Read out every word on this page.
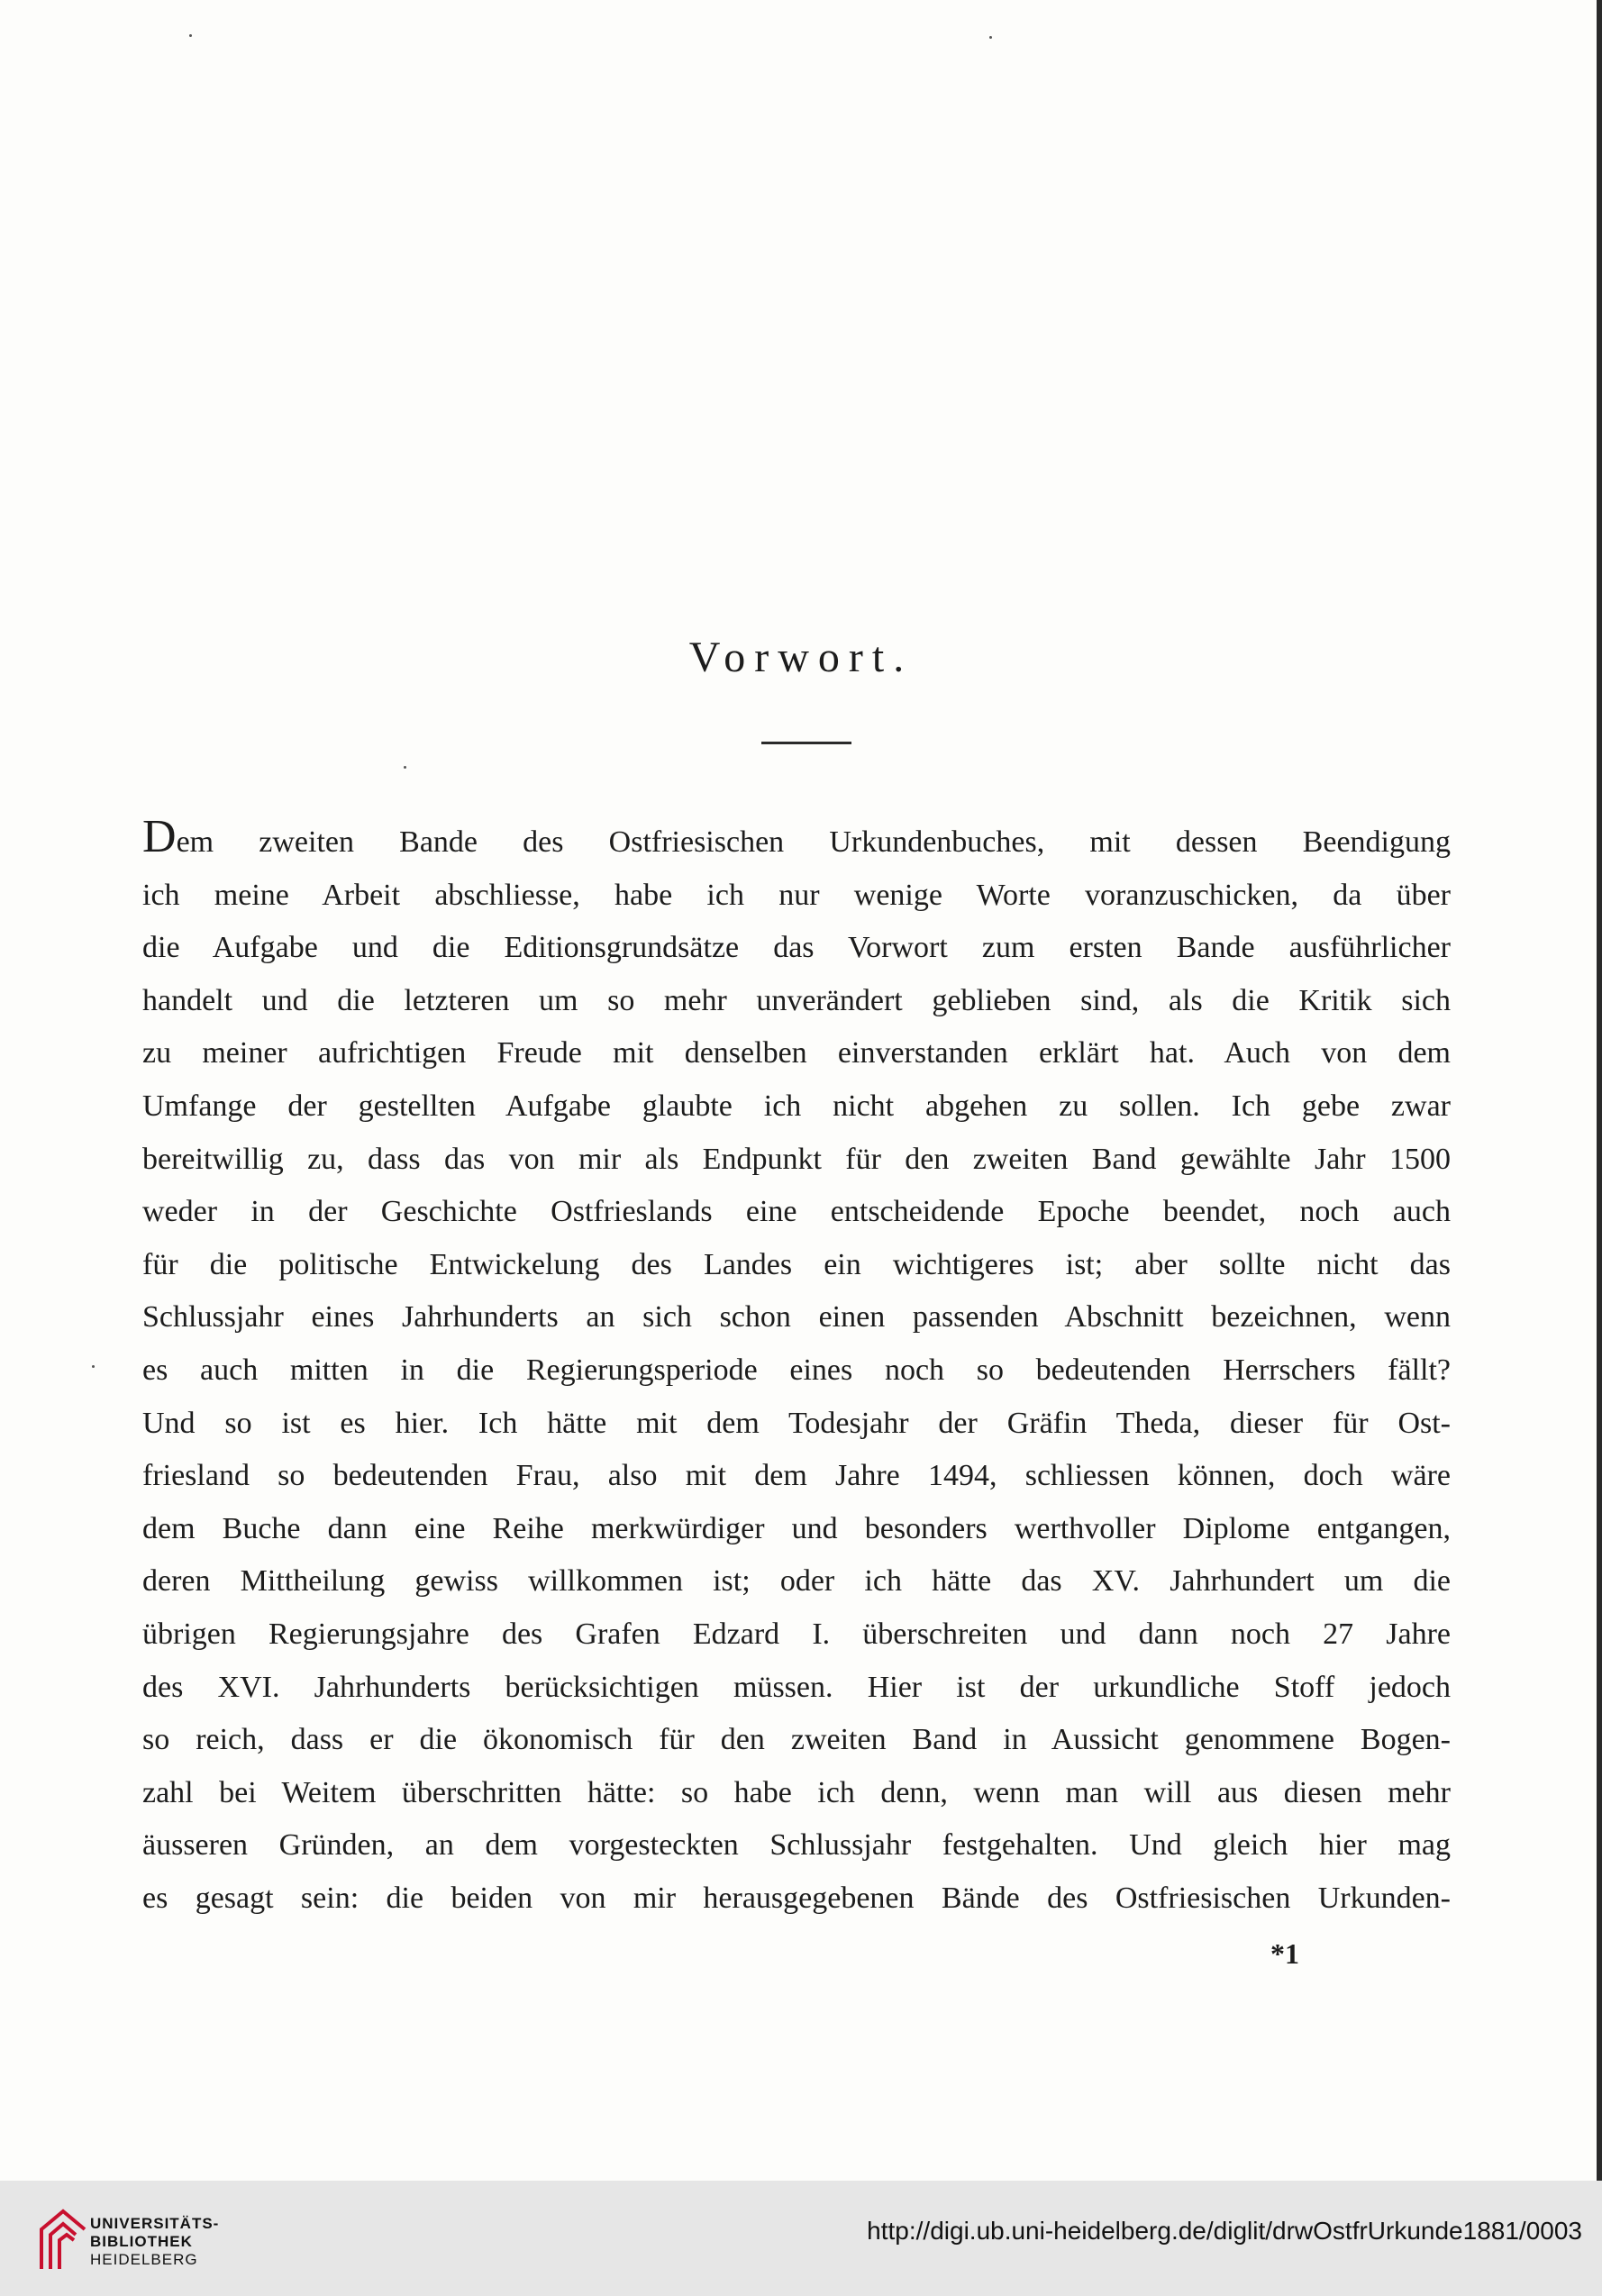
Vorwort.
Dem zweiten Bande des Ostfriesischen Urkundenbuches, mit dessen Beendigung
ich meine Arbeit abschliesse, habe ich nur wenige Worte voranzuschicken, da über
die Aufgabe und die Editionsgrundsätze das Vorwort zum ersten Bande ausführlicher
handelt und die letzteren um so mehr unverändert geblieben sind, als die Kritik sich
zu meiner aufrichtigen Freude mit denselben einverstanden erklärt hat. Auch von dem
Umfange der gestellten Aufgabe glaubte ich nicht abgehen zu sollen. Ich gebe zwar
bereitwillig zu, dass das von mir als Endpunkt für den zweiten Band gewählte Jahr 1500
weder in der Geschichte Ostfrieslands eine entscheidende Epoche beendet, noch auch
für die politische Entwickelung des Landes ein wichtigeres ist; aber sollte nicht das
Schlussjahr eines Jahrhunderts an sich schon einen passenden Abschnitt bezeichnen, wenn
es auch mitten in die Regierungsperiode eines noch so bedeutenden Herrschers fällt?
Und so ist es hier. Ich hätte mit dem Todesjahr der Gräfin Theda, dieser für Ost-
friesland so bedeutenden Frau, also mit dem Jahre 1494, schliessen können, doch wäre
dem Buche dann eine Reihe merkwürdiger und besonders werthvoller Diplome entgangen,
deren Mittheilung gewiss willkommen ist; oder ich hätte das XV. Jahrhundert um die
übrigen Regierungsjahre des Grafen Edzard I. überschreiten und dann noch 27 Jahre
des XVI. Jahrhunderts berücksichtigen müssen. Hier ist der urkundliche Stoff jedoch
so reich, dass er die ökonomisch für den zweiten Band in Aussicht genommene Bogen-
zahl bei Weitem überschritten hätte: so habe ich denn, wenn man will aus diesen mehr
äusseren Gründen, an dem vorgesteckten Schlussjahr festgehalten. Und gleich hier mag
es gesagt sein: die beiden von mir herausgegebenen Bände des Ostfriesischen Urkunden-
*1
UNIVERSITÄTS-
BIBLIOTHEK
HEIDELBERG
http://digi.ub.uni-heidelberg.de/diglit/drwOstfrUrkunde1881/0003
